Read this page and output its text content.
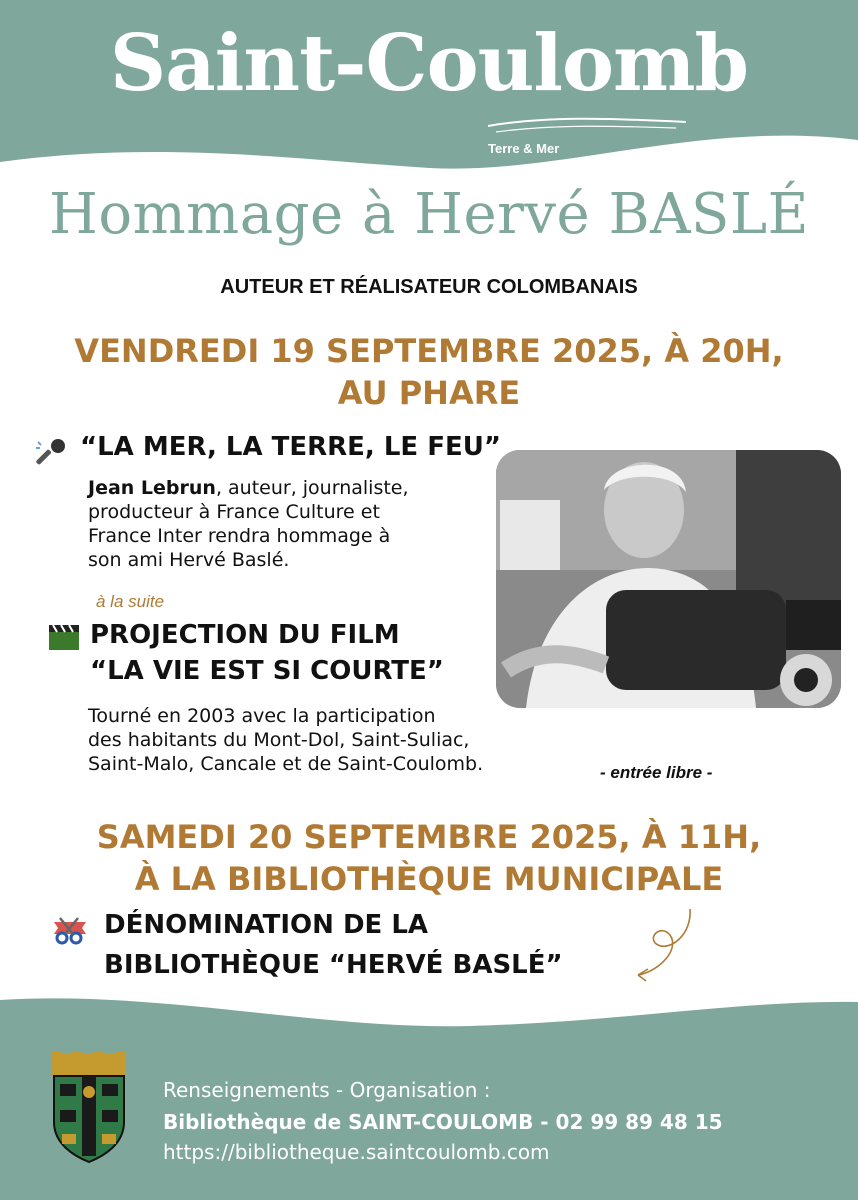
Saint-Coulomb
Terre & Mer
Hommage à Hervé BASLÉ
AUTEUR ET RÉALISATEUR COLOMBANAIS
VENDREDI 19 SEPTEMBRE 2025, À 20H,
AU PHARE
“LA MER, LA TERRE, LE FEU”
Jean Lebrun, auteur, journaliste,
producteur à France Culture et
France Inter rendra hommage à
son ami Hervé Baslé.
à la suite
PROJECTION DU FILM
“LA VIE EST SI COURTE”
Tourné en 2003 avec la participation
des habitants du Mont-Dol, Saint-Suliac,
Saint-Malo, Cancale et de Saint-Coulomb.	- entrée libre -
SAMEDI 20 SEPTEMBRE 2025, À 11H,
À LA BIBLIOTHÈQUE MUNICIPALE
DÉNOMINATION DE LA
BIBLIOTHÈQUE “HERVÉ BASLÉ”
Renseignements - Organisation :
Bibliothèque de SAINT-COULOMB - 02 99 89 48 15
https://bibliotheque.saintcoulomb.com
